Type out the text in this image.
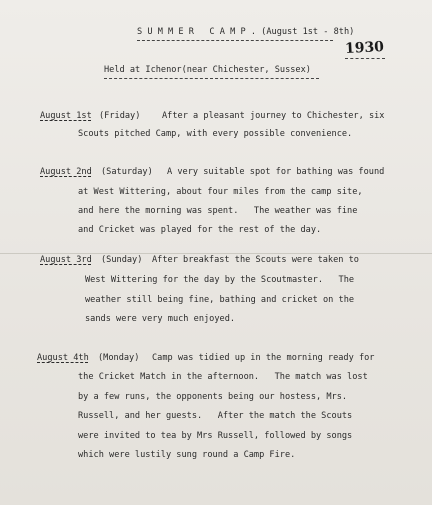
S U M M E R   C A M P . (August 1st - 8th)
1930
Held at Ichenor(near Chichester, Sussex)
August 1st (Friday)	After a pleasant journey to Chichester, six
Scouts pitched Camp, with every possible convenience.
August 2nd (Saturday) A very suitable spot for bathing was found
at West Wittering, about four miles from the camp site,
and here the morning was spent.   The weather was fine
and Cricket was played for the rest of the day.
August 3rd (Sunday) After breakfast the Scouts were taken to
West Wittering for the day by the Scoutmaster.   The
weather still being fine, bathing and cricket on the
sands were very much enjoyed.
August 4th (Monday) Camp was tidied up in the morning ready for
the Cricket Match in the afternoon.   The match was lost
by a few runs, the opponents being our hostess, Mrs.
Russell, and her guests.   After the match the Scouts
were invited to tea by Mrs Russell, followed by songs
which were lustily sung round a Camp Fire.
